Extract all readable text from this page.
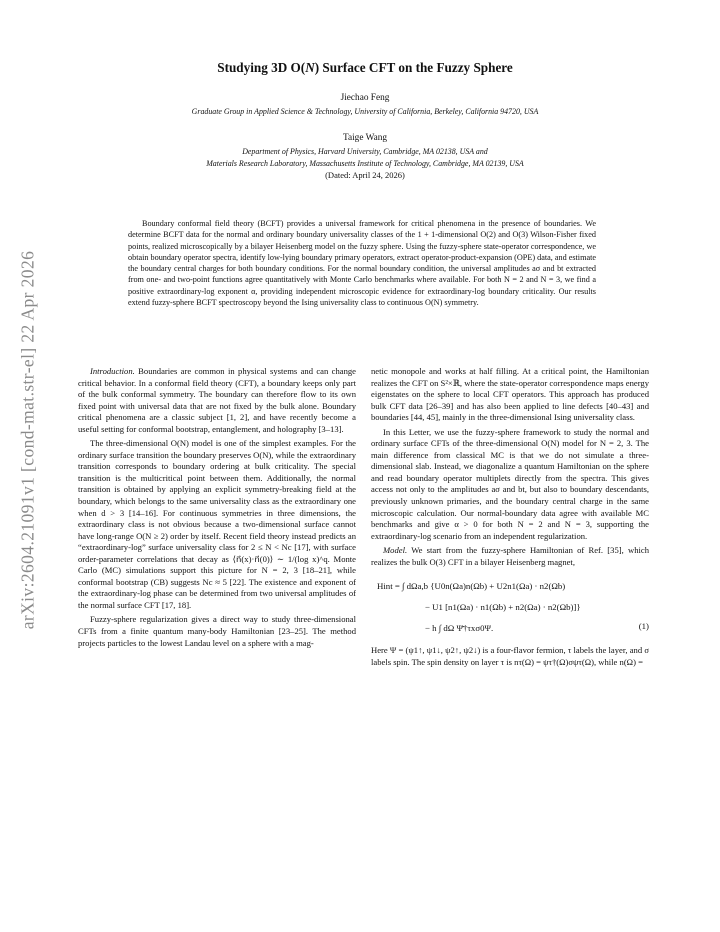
arXiv:2604.21091v1 [cond-mat.str-el] 22 Apr 2026
Studying 3D O(N) Surface CFT on the Fuzzy Sphere
Jiechao Feng
Graduate Group in Applied Science & Technology, University of California, Berkeley, California 94720, USA
Taige Wang
Department of Physics, Harvard University, Cambridge, MA 02138, USA and
Materials Research Laboratory, Massachusetts Institute of Technology, Cambridge, MA 02139, USA
(Dated: April 24, 2026)
Boundary conformal field theory (BCFT) provides a universal framework for critical phenomena in the presence of boundaries. We determine BCFT data for the normal and ordinary boundary universality classes of the 1 + 1-dimensional O(2) and O(3) Wilson-Fisher fixed points, realized microscopically by a bilayer Heisenberg model on the fuzzy sphere. Using the fuzzy-sphere state-operator correspondence, we obtain boundary operator spectra, identify low-lying boundary primary operators, extract operator-product-expansion (OPE) data, and estimate the boundary central charges for both boundary conditions. For the normal boundary condition, the universal amplitudes aσ and bt extracted from one- and two-point functions agree quantitatively with Monte Carlo benchmarks where available. For both N = 2 and N = 3, we find a positive extraordinary-log exponent α, providing independent microscopic evidence for extraordinary-log boundary criticality. Our results extend fuzzy-sphere BCFT spectroscopy beyond the Ising universality class to continuous O(N) symmetry.

Introduction. Boundaries are common in physical systems and can change critical behavior. In a conformal field theory (CFT), a boundary keeps only part of the bulk conformal symmetry. The boundary can therefore flow to its own fixed point with universal data that are not fixed by the bulk alone. Boundary critical phenomena are a classic subject [1, 2], and have recently become a useful setting for conformal bootstrap, entanglement, and holography [3–13].

The three-dimensional O(N) model is one of the simplest examples. For the ordinary surface transition the boundary preserves O(N), while the extraordinary transition corresponds to boundary ordering at bulk criticality. The special transition is the multicritical point between them. Additionally, the normal transition is obtained by applying an explicit symmetry-breaking field at the boundary, which belongs to the same universality class as the extraordinary one when d > 3 [14–16]. For continuous symmetries in three dimensions, the extraordinary class is not obvious because a two-dimensional surface cannot have long-range O(N ≥ 2) order by itself. Recent field theory instead predicts an “extraordinary-log” surface universality class for 2 ≤ N < Nc [17], with surface order-parameter correlations that decay as ⟨n⃗(x)·n⃗(0)⟩ ∼ 1/(log x)^q. Monte Carlo (MC) simulations support this picture for N = 2, 3 [18–21], while conformal bootstrap (CB) suggests Nc ≈ 5 [22]. The existence and exponent of the extraordinary-log phase can be determined from two universal amplitudes of the normal surface CFT [17, 18].

Fuzzy-sphere regularization gives a direct way to study three-dimensional CFTs from a finite quantum many-body Hamiltonian [23–25]. The method projects particles to the lowest Landau level on a sphere with a mag-

netic monopole and works at half filling. At a critical point, the Hamiltonian realizes the CFT on S²×ℝ, where the state-operator correspondence maps energy eigenstates on the sphere to local CFT operators. This approach has produced bulk CFT data [26–39] and has also been applied to line defects [40–43] and boundaries [44, 45], mainly in the three-dimensional Ising universality class.

In this Letter, we use the fuzzy-sphere framework to study the normal and ordinary surface CFTs of the three-dimensional O(N) model for N = 2, 3. The main difference from classical MC is that we do not simulate a three-dimensional slab. Instead, we diagonalize a quantum Hamiltonian on the sphere and read boundary operator multiplets directly from the spectra. This gives access not only to the amplitudes aσ and bt, but also to boundary descendants, previously unknown primaries, and the boundary central charge in the same microscopic calculation. Our normal-boundary data agree with available MC benchmarks and give α > 0 for both N = 2 and N = 3, supporting the extraordinary-log scenario from an independent regularization.

Model. We start from the fuzzy-sphere Hamiltonian of Ref. [35], which realizes the bulk O(3) CFT in a bilayer Heisenberg magnet,

Hint = ∫ dΩa,b {U0n(Ωa)n(Ωb) + U2n1(Ωa) · n2(Ωb)
− U1 [n1(Ωa) · n1(Ωb) + n2(Ωa) · n2(Ωb)]}
− h ∫ dΩ Ψ̄†τxσ0Ψ.	(1)

Here Ψ = (ψ1↑, ψ1↓, ψ2↑, ψ2↓) is a four-flavor fermion, τ labels the layer, and σ labels spin. The spin density on layer τ is nτ(Ω) = ψτ†(Ω)σψτ(Ω), while n(Ω) =
